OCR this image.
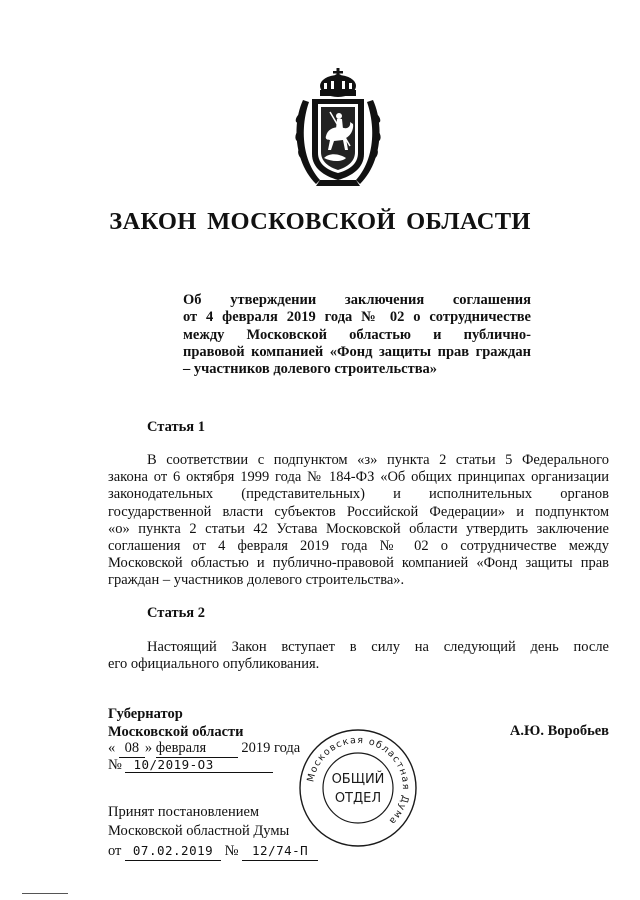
ЗАКОН МОСКОВСКОЙ ОБЛАСТИ
Об утверждении заключения соглашения
от 4 февраля 2019 года № 02 о сотрудничестве
между Московской областью и публично-
правовой компанией «Фонд защиты прав граждан
– участников долевого строительства»
Статья 1
В соответствии с подпунктом «з» пункта 2 статьи 5 Федерального
закона от 6 октября 1999 года № 184-ФЗ «Об общих принципах организации
законодательных (представительных) и исполнительных органов
государственной власти субъектов Российской Федерации» и подпунктом
«о» пункта 2 статьи 42 Устава Московской области утвердить заключение
соглашения от 4 февраля 2019 года № 02 о сотрудничестве между
Московской областью и публично-правовой компанией «Фонд защиты прав
граждан – участников долевого строительства».
Статья 2
Настоящий Закон вступает в силу на следующий день после
его официального опубликования.
Губернатор
Московской области	А.Ю. Воробьев
« 08 » февраля 2019 года
№ 10/2019-ОЗ
Московская областная Дума
ОБЩИЙ
ОТДЕЛ
Принят постановлением
Московской областной Думы
от 07.02.2019 № 12/74-П
